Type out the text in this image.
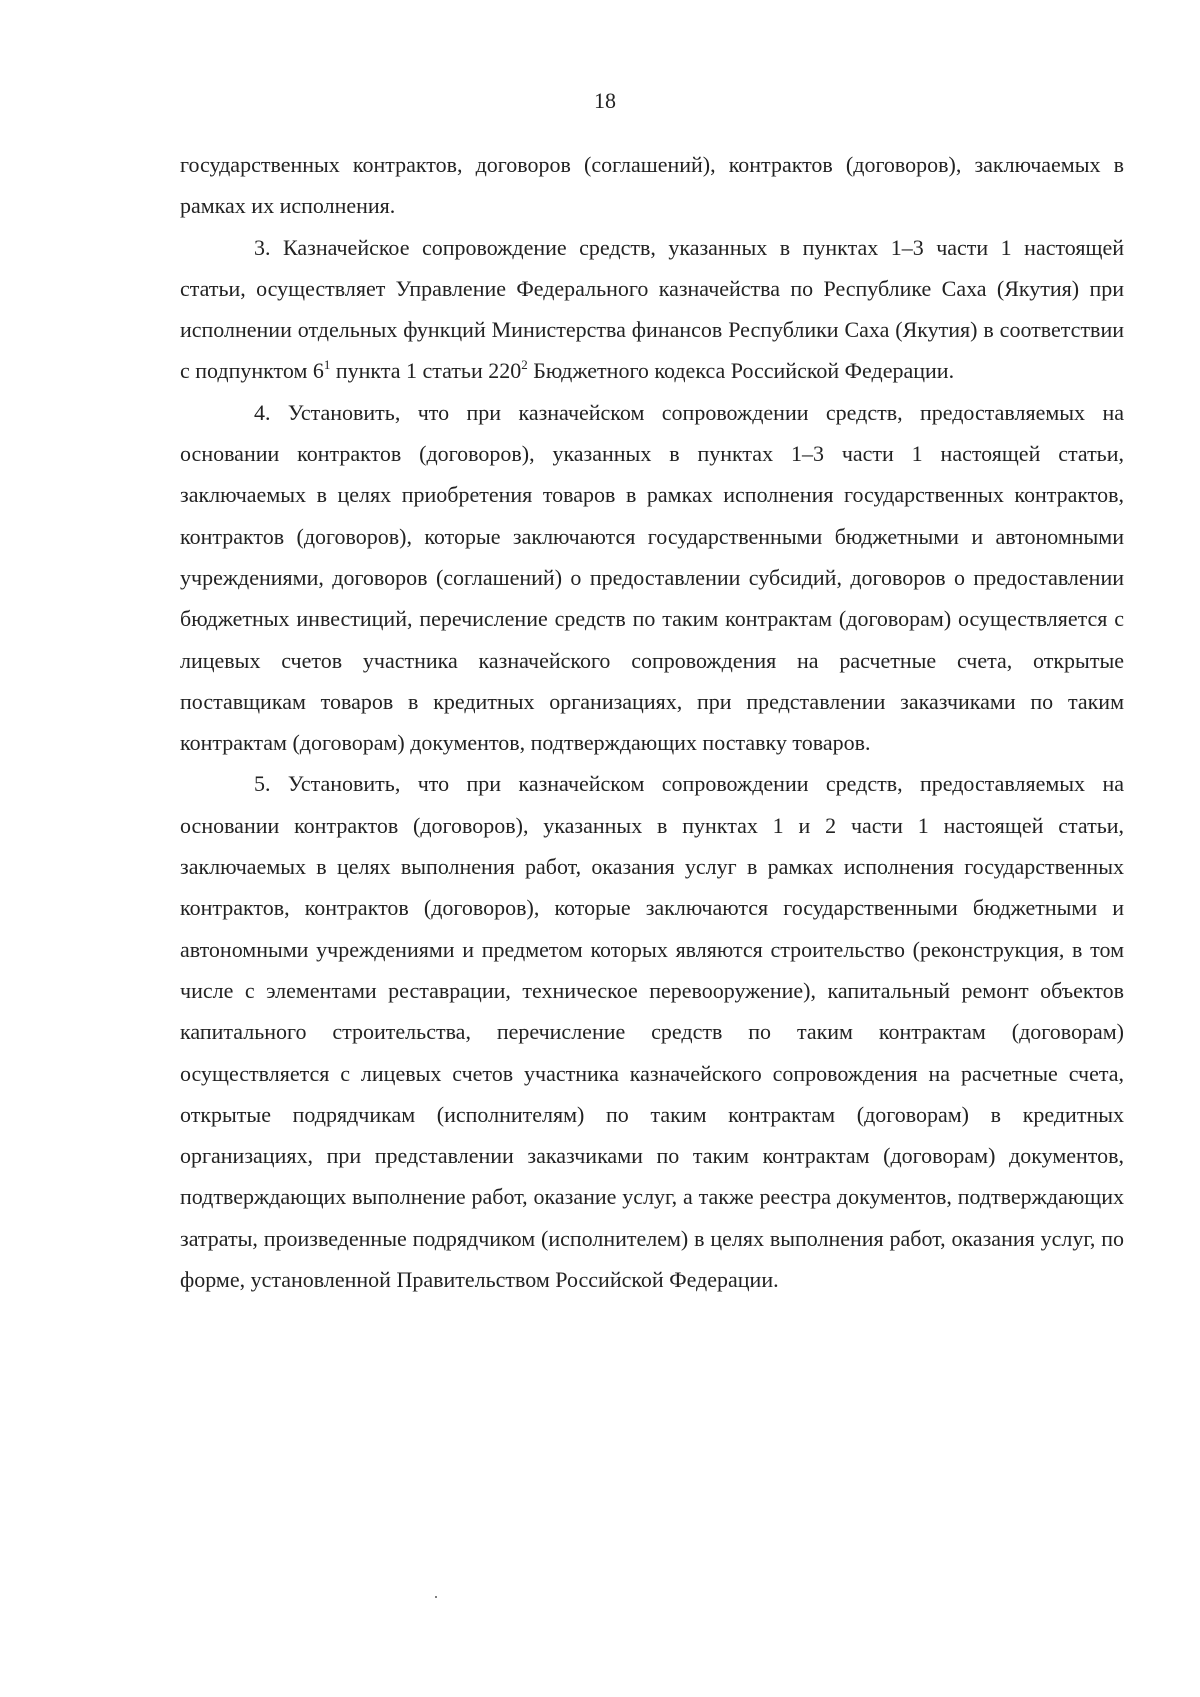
18

государственных контрактов, договоров (соглашений), контрактов (договоров), заключаемых в рамках их исполнения.

3. Казначейское сопровождение средств, указанных в пунктах 1–3 части 1 настоящей статьи, осуществляет Управление Федерального казначейства по Республике Саха (Якутия) при исполнении отдельных функций Министерства финансов Республики Саха (Якутия) в соответствии с подпунктом $6^1$ пункта 1 статьи $220^2$ Бюджетного кодекса Российской Федерации.

4. Установить, что при казначейском сопровождении средств, предоставляемых на основании контрактов (договоров), указанных в пунктах 1–3 части 1 настоящей статьи, заключаемых в целях приобретения товаров в рамках исполнения государственных контрактов, контрактов (договоров), которые заключаются государственными бюджетными и автономными учреждениями, договоров (соглашений) о предоставлении субсидий, договоров о предоставлении бюджетных инвестиций, перечисление средств по таким контрактам (договорам) осуществляется с лицевых счетов участника казначейского сопровождения на расчетные счета, открытые поставщикам товаров в кредитных организациях, при представлении заказчиками по таким контрактам (договорам) документов, подтверждающих поставку товаров.

5. Установить, что при казначейском сопровождении средств, предоставляемых на основании контрактов (договоров), указанных в пунктах 1 и 2 части 1 настоящей статьи, заключаемых в целях выполнения работ, оказания услуг в рамках исполнения государственных контрактов, контрактов (договоров), которые заключаются государственными бюджетными и автономными учреждениями и предметом которых являются строительство (реконструкция, в том числе с элементами реставрации, техническое перевооружение), капитальный ремонт объектов капитального строительства, перечисление средств по таким контрактам (договорам) осуществляется с лицевых счетов участника казначейского сопровождения на расчетные счета, открытые подрядчикам (исполнителям) по таким контрактам (договорам) в кредитных организациях, при представлении заказчиками по таким контрактам (договорам) документов, подтверждающих выполнение работ, оказание услуг, а также реестра документов, подтверждающих затраты, произведенные подрядчиком (исполнителем) в целях выполнения работ, оказания услуг, по форме, установленной Правительством Российской Федерации.
